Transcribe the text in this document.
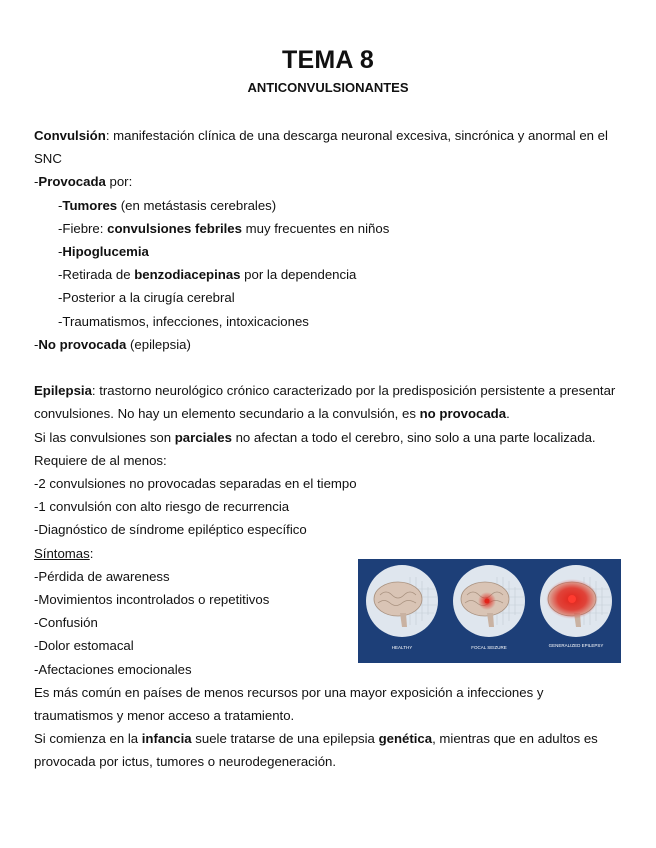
TEMA 8
ANTICONVULSIONANTES
Convulsión: manifestación clínica de una descarga neuronal excesiva, sincrónica y anormal en el SNC
-Provocada por:
-Tumores (en metástasis cerebrales)
-Fiebre: convulsiones febriles muy frecuentes en niños
-Hipoglucemia
-Retirada de benzodiacepinas por la dependencia
-Posterior a la cirugía cerebral
-Traumatismos, infecciones, intoxicaciones
-No provocada (epilepsia)
Epilepsia: trastorno neurológico crónico caracterizado por la predisposición persistente a presentar convulsiones. No hay un elemento secundario a la convulsión, es no provocada.
Si las convulsiones son parciales no afectan a todo el cerebro, sino solo a una parte localizada.
Requiere de al menos:
-2 convulsiones no provocadas separadas en el tiempo
-1 convulsión con alto riesgo de recurrencia
-Diagnóstico de síndrome epiléptico específico
Síntomas:
-Pérdida de awareness
-Movimientos incontrolados o repetitivos
-Confusión
-Dolor estomacal
-Afectaciones emocionales
Es más común en países de menos recursos por una mayor exposición a infecciones y traumatismos y menor acceso a tratamiento.
Si comienza en la infancia suele tratarse de una epilepsia genética, mientras que en adultos es provocada por ictus, tumores o neurodegeneración.
HEALTHY	FOCAL SEIZURE	GENERALIZED EPILEPSY
